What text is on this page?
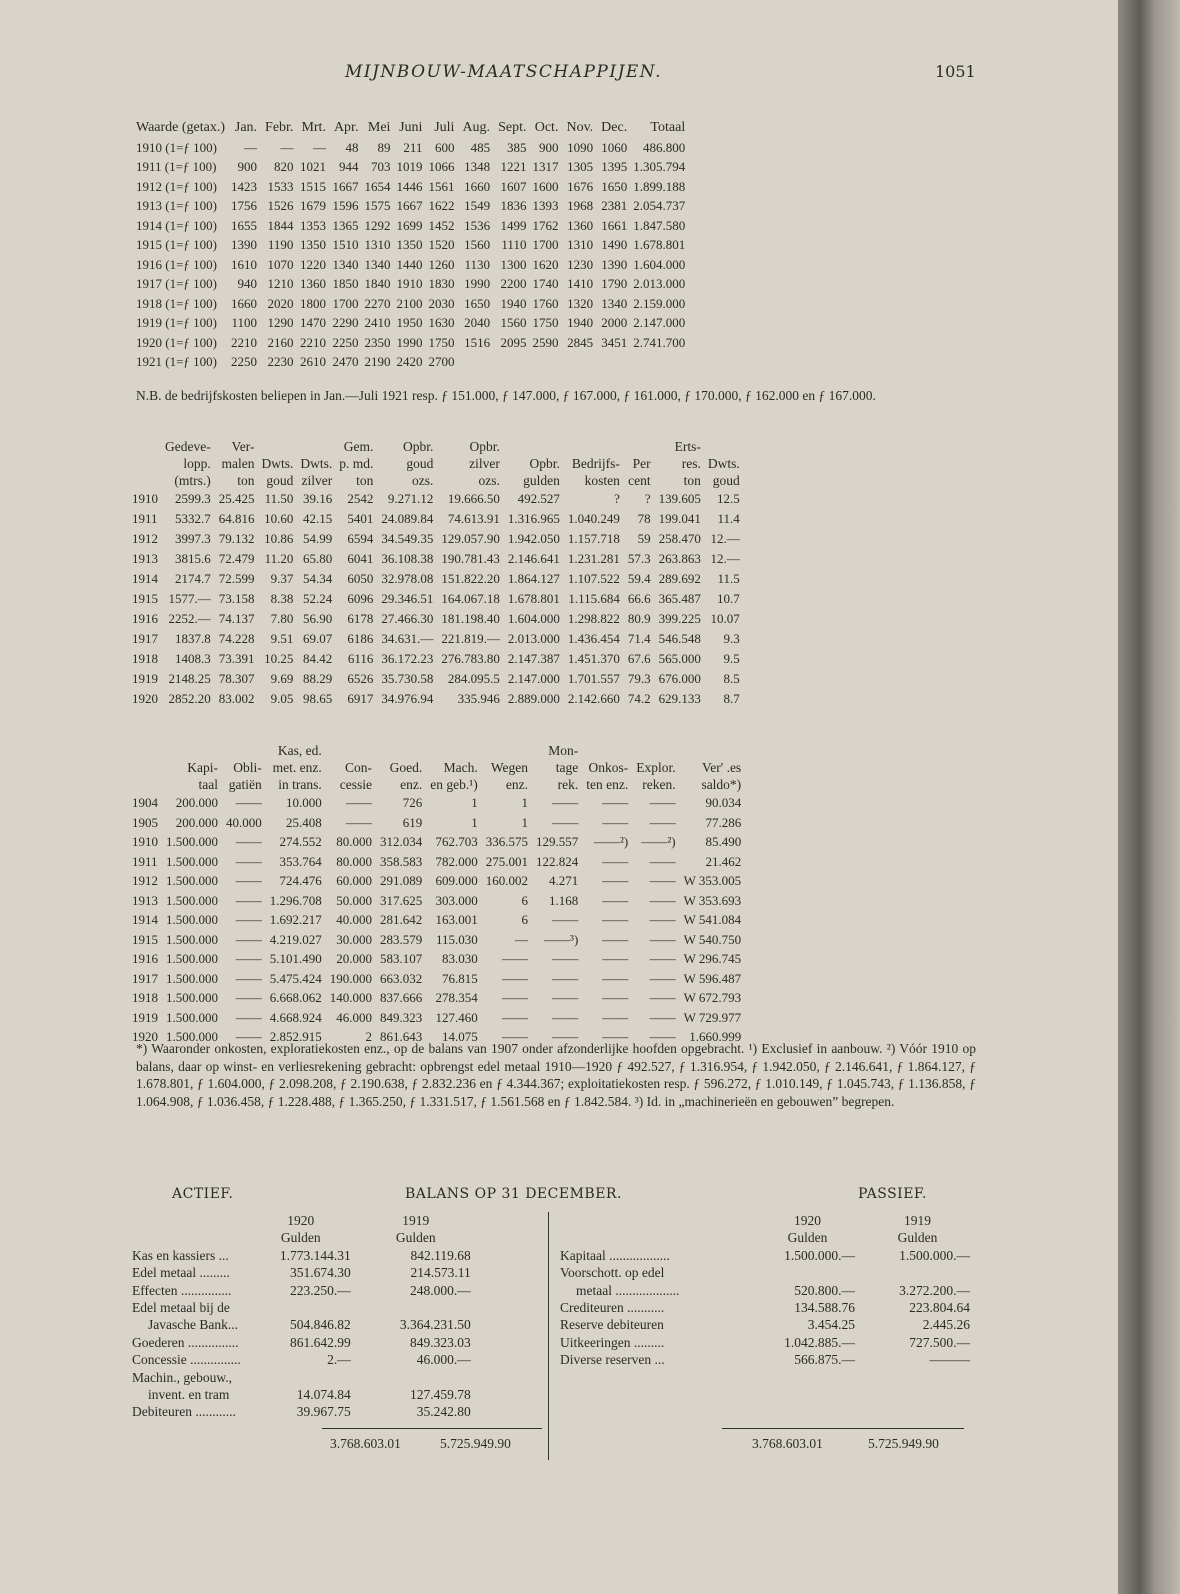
MIJNBOUW-MAATSCHAPPIJEN.	1051
Waarde (getax.)	Jan.	Febr.	Mrt.	Apr.	Mei	Juni	Juli	Aug.	Sept.	Oct.	Nov.	Dec.	Totaal
1910 (1=ƒ 100)	—	—	—	48	89	211	600	485	385	900	1090	1060	486.800
1911 (1=ƒ 100)	900	820	1021	944	703	1019	1066	1348	1221	1317	1305	1395	1.305.794
1912 (1=ƒ 100)	1423	1533	1515	1667	1654	1446	1561	1660	1607	1600	1676	1650	1.899.188
1913 (1=ƒ 100)	1756	1526	1679	1596	1575	1667	1622	1549	1836	1393	1968	2381	2.054.737
1914 (1=ƒ 100)	1655	1844	1353	1365	1292	1699	1452	1536	1499	1762	1360	1661	1.847.580
1915 (1=ƒ 100)	1390	1190	1350	1510	1310	1350	1520	1560	1110	1700	1310	1490	1.678.801
1916 (1=ƒ 100)	1610	1070	1220	1340	1340	1440	1260	1130	1300	1620	1230	1390	1.604.000
1917 (1=ƒ 100)	940	1210	1360	1850	1840	1910	1830	1990	2200	1740	1410	1790	2.013.000
1918 (1=ƒ 100)	1660	2020	1800	1700	2270	2100	2030	1650	1940	1760	1320	1340	2.159.000
1919 (1=ƒ 100)	1100	1290	1470	2290	2410	1950	1630	2040	1560	1750	1940	2000	2.147.000
1920 (1=ƒ 100)	2210	2160	2210	2250	2350	1990	1750	1516	2095	2590	2845	3451	2.741.700
1921 (1=ƒ 100)	2250	2230	2610	2470	2190	2420	2700						
N.B. de bedrijfskosten beliepen in Jan.—Juli 1921 resp. ƒ 151.000, ƒ 147.000, ƒ 167.000, ƒ 161.000, ƒ 170.000, ƒ 162.000 en ƒ 167.000.
	Gedeve-	Ver-			Gem.	Opbr.	Opbr.				Erts-	
	lopp.	malen	Dwts.	Dwts.	p. md.	goud	zilver	Opbr.	Bedrijfs-	Per	res.	Dwts.
	(mtrs.)	ton	goud	zilver	ton	ozs.	ozs.	gulden	kosten	cent	ton	goud
1910	2599.3	25.425	11.50	39.16	2542	9.271.12	19.666.50	492.527	?	?	139.605	12.5
1911	5332.7	64.816	10.60	42.15	5401	24.089.84	74.613.91	1.316.965	1.040.249	78	199.041	11.4
1912	3997.3	79.132	10.86	54.99	6594	34.549.35	129.057.90	1.942.050	1.157.718	59	258.470	12.—
1913	3815.6	72.479	11.20	65.80	6041	36.108.38	190.781.43	2.146.641	1.231.281	57.3	263.863	12.—
1914	2174.7	72.599	9.37	54.34	6050	32.978.08	151.822.20	1.864.127	1.107.522	59.4	289.692	11.5
1915	1577.—	73.158	8.38	52.24	6096	29.346.51	164.067.18	1.678.801	1.115.684	66.6	365.487	10.7
1916	2252.—	74.137	7.80	56.90	6178	27.466.30	181.198.40	1.604.000	1.298.822	80.9	399.225	10.07
1917	1837.8	74.228	9.51	69.07	6186	34.631.—	221.819.—	2.013.000	1.436.454	71.4	546.548	9.3
1918	1408.3	73.391	10.25	84.42	6116	36.172.23	276.783.80	2.147.387	1.451.370	67.6	565.000	9.5
1919	2148.25	78.307	9.69	88.29	6526	35.730.58	284.095.5	2.147.000	1.701.557	79.3	676.000	8.5
1920	2852.20	83.002	9.05	98.65	6917	34.976.94	335.946	2.889.000	2.142.660	74.2	629.133	8.7
			Kas, ed.					Mon-			
	Kapi-	Obli-	met. enz.	Con-	Goed.	Mach.	Wegen	tage	Onkos-	Explor.	Ver' .es
	taal	gatiën	in trans.	cessie	enz.	en geb.¹)	enz.	rek.	ten enz.	reken.	saldo*)
1904	200.000	——	10.000	——	726	1	1	——	——	——	90.034
1905	200.000	40.000	25.408	——	619	1	1	——	——	——	77.286
1910	1.500.000	——	274.552	80.000	312.034	762.703	336.575	129.557	——²)	——²)	85.490
1911	1.500.000	——	353.764	80.000	358.583	782.000	275.001	122.824	——	——	21.462
1912	1.500.000	——	724.476	60.000	291.089	609.000	160.002	4.271	——	——	W 353.005
1913	1.500.000	——	1.296.708	50.000	317.625	303.000	6	1.168	——	——	W 353.693
1914	1.500.000	——	1.692.217	40.000	281.642	163.001	6	——	——	——	W 541.084
1915	1.500.000	——	4.219.027	30.000	283.579	115.030	—	——³)	——	——	W 540.750
1916	1.500.000	——	5.101.490	20.000	583.107	83.030	——	——	——	——	W 296.745
1917	1.500.000	——	5.475.424	190.000	663.032	76.815	——	——	——	——	W 596.487
1918	1.500.000	——	6.668.062	140.000	837.666	278.354	——	——	——	——	W 672.793
1919	1.500.000	——	4.668.924	46.000	849.323	127.460	——	——	——	——	W 729.977
1920	1.500.000	——	2.852.915	2	861.643	14.075	——	——	——	——	1.660.999
*) Waaronder onkosten, exploratiekosten enz., op de balans van 1907 onder afzonderlijke hoofden opgebracht. ¹) Exclusief in aanbouw. ²) Vóór 1910 op balans, daar op winst- en verliesrekening gebracht: opbrengst edel metaal 1910—1920 ƒ 492.527, ƒ 1.316.954, ƒ 1.942.050, ƒ 2.146.641, ƒ 1.864.127, ƒ 1.678.801, ƒ 1.604.000, ƒ 2.098.208, ƒ 2.190.638, ƒ 2.832.236 en ƒ 4.344.367; exploitatiekosten resp. ƒ 596.272, ƒ 1.010.149, ƒ 1.045.743, ƒ 1.136.858, ƒ 1.064.908, ƒ 1.036.458, ƒ 1.228.488, ƒ 1.365.250, ƒ 1.331.517, ƒ 1.561.568 en ƒ 1.842.584. ³) Id. in „machinerieën en gebouwen” begrepen.
ACTIEF.	BALANS OP 31 DECEMBER.	PASSIEF.
	1920	1919
	Gulden	Gulden
Kas en kassiers ...	1.773.144.31	842.119.68
Edel metaal .........	351.674.30	214.573.11
Effecten ...............	223.250.—	248.000.—
Edel metaal bij de		
Javasche Bank...	504.846.82	3.364.231.50
Goederen ...............	861.642.99	849.323.03
Concessie ...............	2.—	46.000.—
Machin., gebouw.,		
invent. en tram	14.074.84	127.459.78
Debiteuren ............	39.967.75	35.242.80
	1920	1919
	Gulden	Gulden
Kapitaal ..................	1.500.000.—	1.500.000.—
Voorschott. op edel		
metaal ...................	520.800.—	3.272.200.—
Crediteuren ...........	134.588.76	223.804.64
Reserve debiteuren	3.454.25	2.445.26
Uitkeeringen .........	1.042.885.—	727.500.—
Diverse reserven ...	566.875.—	———
3.768.603.01	5.725.949.90	3.768.603.01	5.725.949.90
